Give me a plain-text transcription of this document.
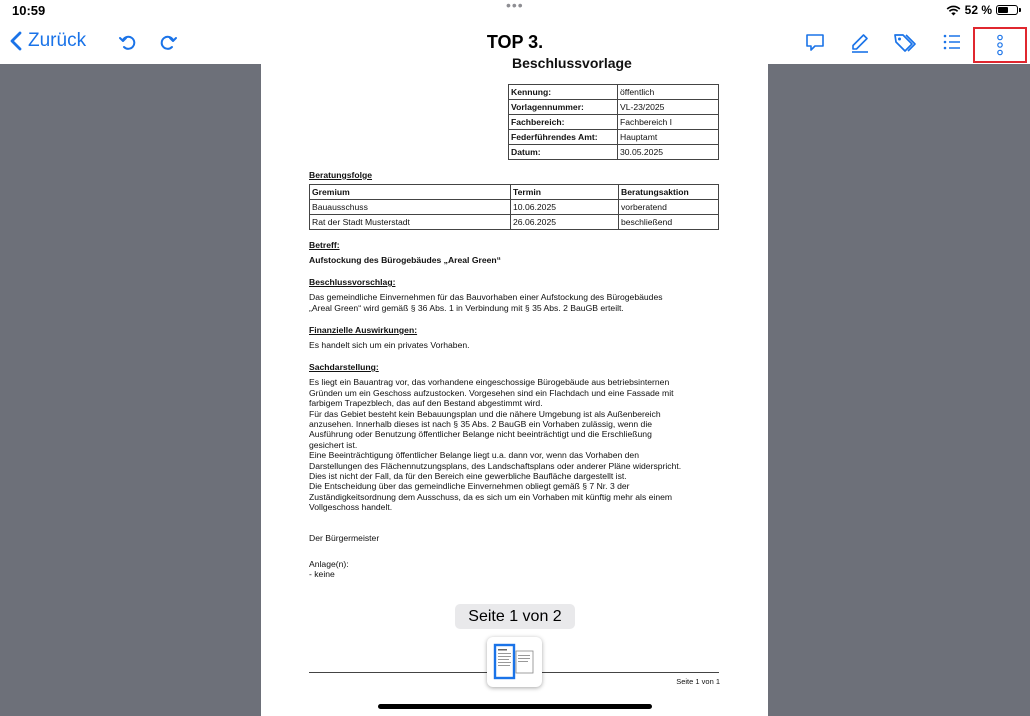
10:59	•••	52 %
Zurück	TOP 3.
Beschlussvorlage
Kennung:	öffentlich
Vorlagennummer:	VL-23/2025
Fachbereich:	Fachbereich I
Federführendes Amt:	Hauptamt
Datum:	30.05.2025
Beratungsfolge
Gremium	Termin	Beratungsaktion
Bauausschuss	10.06.2025	vorberatend
Rat der Stadt Musterstadt	26.06.2025	beschließend
Betreff:
Aufstockung des Bürogebäudes „Areal Green“
Beschlussvorschlag:
Das gemeindliche Einvernehmen für das Bauvorhaben einer Aufstockung des Bürogebäudes
„Areal Green“ wird gemäß § 36 Abs. 1 in Verbindung mit § 35 Abs. 2 BauGB erteilt.
Finanzielle Auswirkungen:
Es handelt sich um ein privates Vorhaben.
Sachdarstellung:
Es liegt ein Bauantrag vor, das vorhandene eingeschossige Bürogebäude aus betriebsinternen
Gründen um ein Geschoss aufzustocken. Vorgesehen sind ein Flachdach und eine Fassade mit
farbigem Trapezblech, das auf den Bestand abgestimmt wird.
Für das Gebiet besteht kein Bebauungsplan und die nähere Umgebung ist als Außenbereich
anzusehen. Innerhalb dieses ist nach § 35 Abs. 2 BauGB ein Vorhaben zulässig, wenn die
Ausführung oder Benutzung öffentlicher Belange nicht beeinträchtigt und die Erschließung
gesichert ist.
Eine Beeinträchtigung öffentlicher Belange liegt u.a. dann vor, wenn das Vorhaben den
Darstellungen des Flächennutzungsplans, des Landschaftsplans oder anderer Pläne widerspricht.
Dies ist nicht der Fall, da für den Bereich eine gewerbliche Baufläche dargestellt ist.
Die Entscheidung über das gemeindliche Einvernehmen obliegt gemäß § 7 Nr. 3 der
Zuständigkeitsordnung dem Ausschuss, da es sich um ein Vorhaben mit künftig mehr als einem
Vollgeschoss handelt.
Der Bürgermeister
Anlage(n):
- keine
Seite 1 von 1
Seite 1 von 2
